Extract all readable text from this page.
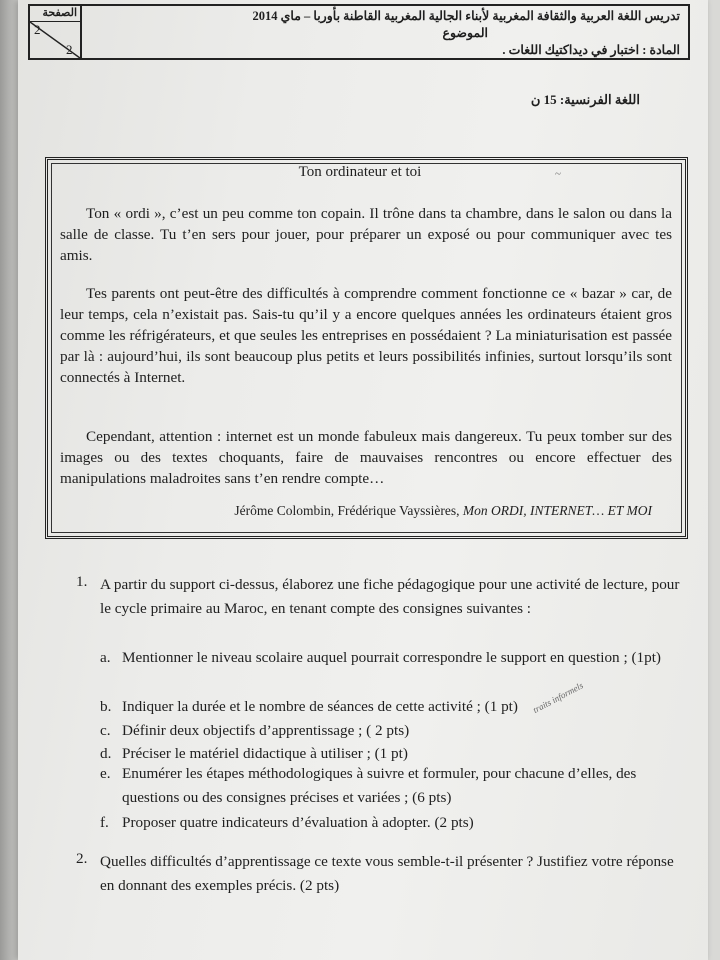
الصفحة
2
2
تدريس اللغة العربية والثقافة المغربية لأبناء الجالية المغربية القاطنة بأوربا – ماي 2014
الموضوع
المادة : اختبار في ديداكتيك اللغات .
اللغة الفرنسية: 15 ن
Ton ordinateur et toi	~
Ton « ordi », c’est un peu comme ton copain. Il trône dans ta chambre, dans le salon ou dans la salle de classe. Tu t’en sers pour jouer, pour préparer un exposé ou pour communiquer avec tes amis.
Tes parents ont peut-être des difficultés à comprendre comment fonctionne ce « bazar » car, de leur temps, cela n’existait pas. Sais-tu qu’il y a encore quelques années les ordinateurs étaient gros comme les réfrigérateurs, et que seules les entreprises en possédaient ? La miniaturisation est passée par là : aujourd’hui, ils sont beaucoup plus petits et leurs possibilités infinies, surtout lorsqu’ils sont connectés à Internet.
Cependant, attention : internet est un monde fabuleux mais dangereux. Tu peux tomber sur des images ou des textes choquants, faire de mauvaises rencontres ou encore effectuer des manipulations maladroites sans t’en rendre compte…
Jérôme Colombin, Frédérique Vayssières, Mon ORDI, INTERNET… ET MOI
1. A partir du support ci-dessus, élaborez une fiche pédagogique pour une activité de lecture, pour le cycle primaire au Maroc, en tenant compte des consignes suivantes :
a. Mentionner le niveau scolaire auquel pourrait correspondre le support en question ; (1pt)
b. Indiquer la durée et le nombre de séances de cette activité ; (1 pt)
c. Définir deux objectifs d’apprentissage ; ( 2 pts)
d. Préciser le matériel didactique à utiliser ; (1 pt)
e. Enumérer les étapes méthodologiques à suivre et formuler, pour chacune d’elles, des questions ou des consignes précises et variées ; (6 pts)
f. Proposer quatre indicateurs d’évaluation à adopter. (2 pts)
traits informels
2. Quelles difficultés d’apprentissage ce texte vous semble-t-il présenter ? Justifiez votre réponse en donnant des exemples précis. (2 pts)
